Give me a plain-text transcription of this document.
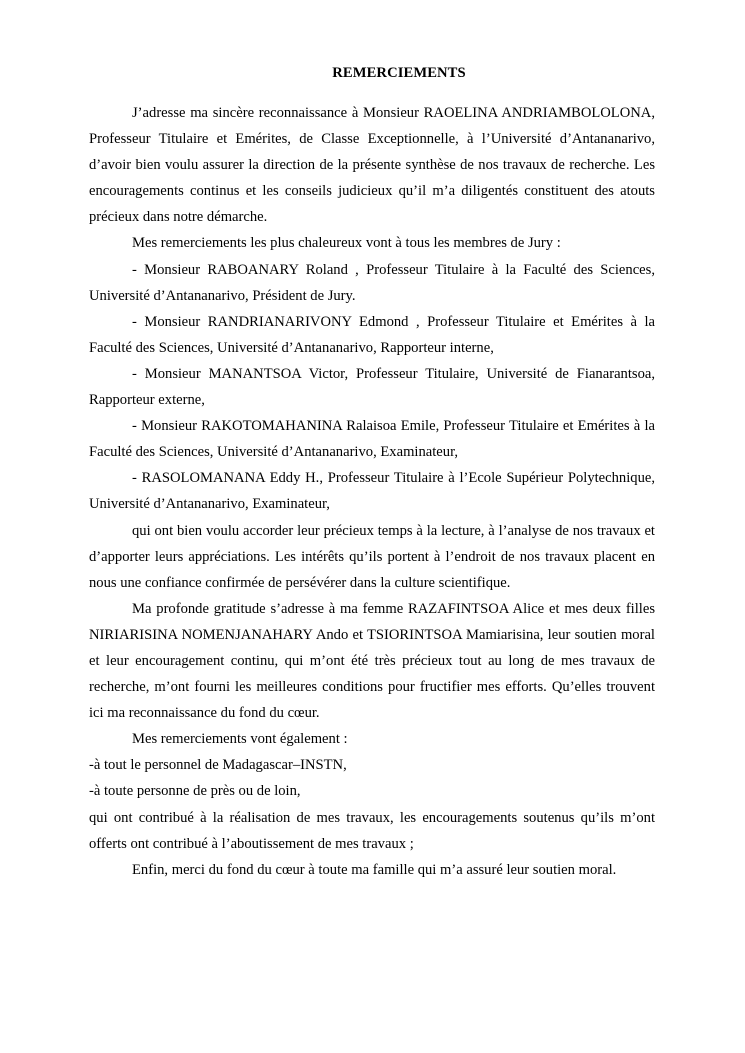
REMERCIEMENTS

J’adresse ma sincère reconnaissance à Monsieur RAOELINA ANDRIAMBOLOLONA, Professeur Titulaire et Emérites, de Classe Exceptionnelle, à l’Université d’Antananarivo, d’avoir bien voulu assurer la direction de la présente synthèse de nos travaux de recherche. Les encouragements continus et les conseils judicieux qu’il m’a diligentés constituent des atouts précieux dans notre démarche.

Mes remerciements les plus chaleureux vont à tous les membres de Jury :

- Monsieur RABOANARY Roland , Professeur Titulaire à la Faculté des Sciences, Université d’Antananarivo, Président de Jury.

- Monsieur RANDRIANARIVONY Edmond , Professeur Titulaire et Emérites à la Faculté des Sciences, Université d’Antananarivo, Rapporteur interne,

- Monsieur MANANTSOA Victor, Professeur Titulaire, Université de Fianarantsoa, Rapporteur externe,

- Monsieur RAKOTOMAHANINA Ralaisoa Emile, Professeur Titulaire et Emérites à la Faculté des Sciences, Université d’Antananarivo, Examinateur,

- RASOLOMANANA Eddy H., Professeur Titulaire à l’Ecole Supérieur Polytechnique, Université d’Antananarivo, Examinateur,

qui ont bien voulu accorder leur précieux temps à la lecture, à l’analyse de nos travaux et d’apporter leurs appréciations. Les intérêts qu’ils portent à l’endroit de nos travaux placent en nous une confiance confirmée de persévérer dans la culture scientifique.

Ma profonde gratitude s’adresse à ma femme RAZAFINTSOA Alice et mes deux filles NIRIARISINA NOMENJANAHARY Ando et TSIORINTSOA Mamiarisina, leur soutien moral et leur encouragement continu, qui m’ont été très précieux tout au long de mes travaux de recherche, m’ont fourni les meilleures conditions pour fructifier mes efforts. Qu’elles trouvent ici ma reconnaissance du fond du cœur.

Mes remerciements vont également :

-à tout le personnel de Madagascar–INSTN,

-à toute personne de près ou de loin,

qui ont contribué à la réalisation de mes travaux, les encouragements soutenus qu’ils m’ont offerts ont contribué à l’aboutissement de mes travaux ;

Enfin, merci du fond du cœur à toute ma famille qui m’a assuré leur soutien moral.
